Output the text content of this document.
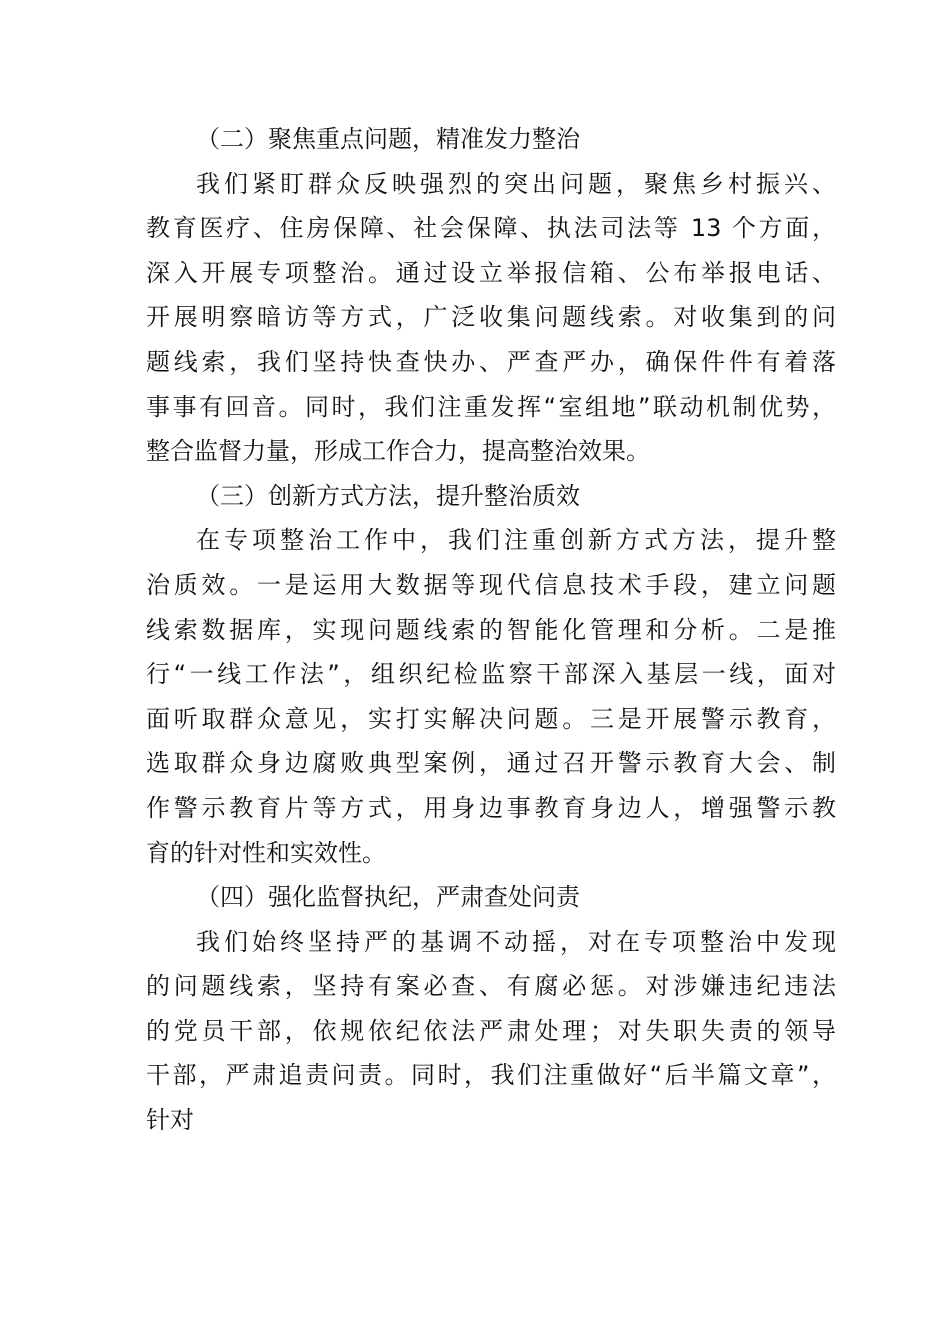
（二）聚焦重点问题，精准发力整治
我们紧盯群众反映强烈的突出问题，聚焦乡村振兴、
教育医疗、住房保障、社会保障、执法司法等 13 个方面，
深入开展专项整治。通过设立举报信箱、公布举报电话、
开展明察暗访等方式，广泛收集问题线索。对收集到的问
题线索，我们坚持快查快办、严查严办，确保件件有着落
事事有回音。同时，我们注重发挥“室组地”联动机制优势，
整合监督力量，形成工作合力，提高整治效果。
（三）创新方式方法，提升整治质效
在专项整治工作中，我们注重创新方式方法，提升整
治质效。一是运用大数据等现代信息技术手段，建立问题
线索数据库，实现问题线索的智能化管理和分析。二是推
行“一线工作法”，组织纪检监察干部深入基层一线，面对
面听取群众意见，实打实解决问题。三是开展警示教育，
选取群众身边腐败典型案例，通过召开警示教育大会、制
作警示教育片等方式，用身边事教育身边人，增强警示教
育的针对性和实效性。
（四）强化监督执纪，严肃查处问责
我们始终坚持严的基调不动摇，对在专项整治中发现
的问题线索，坚持有案必查、有腐必惩。对涉嫌违纪违法
的党员干部，依规依纪依法严肃处理；对失职失责的领导
干部，严肃追责问责。同时，我们注重做好“后半篇文章”，
针对
